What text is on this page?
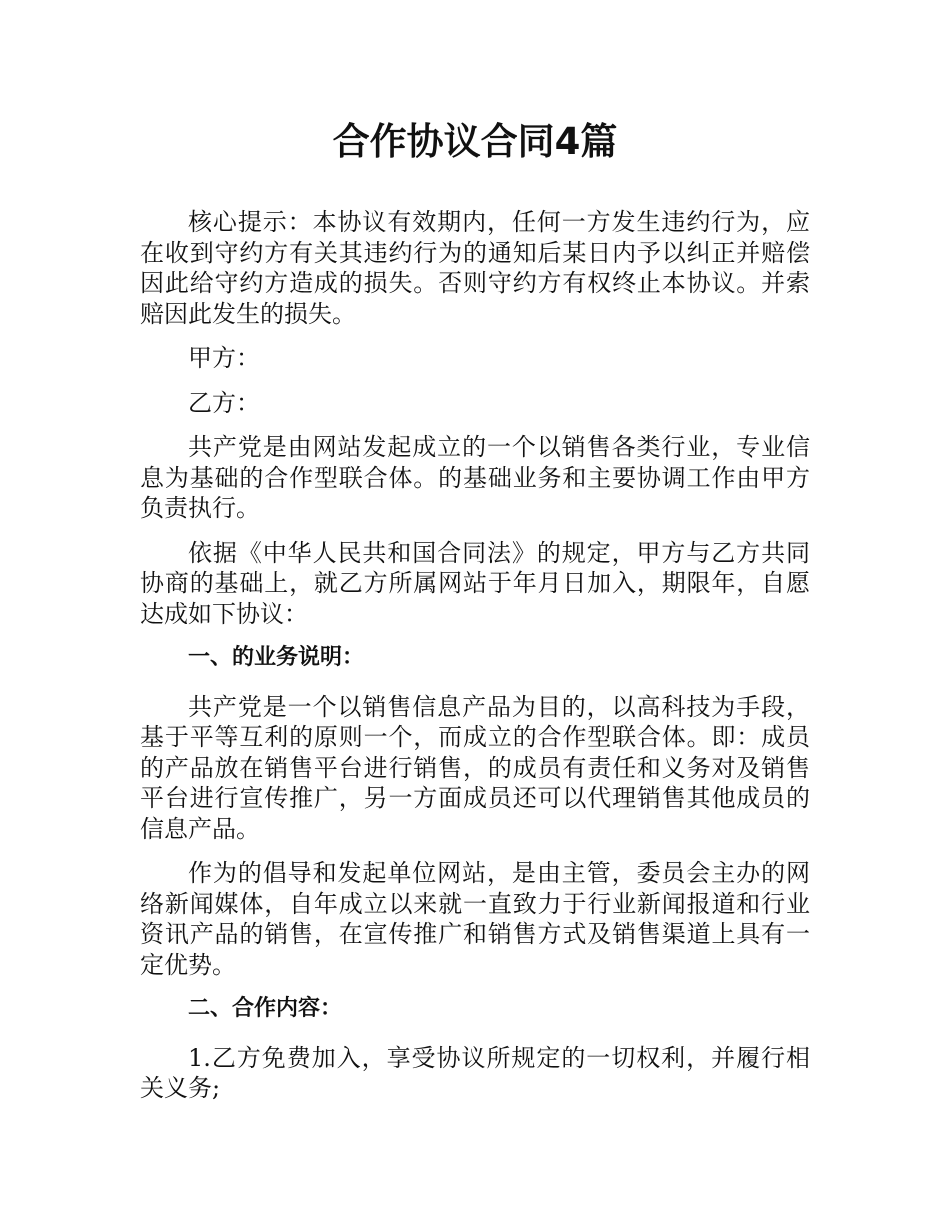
合作协议合同4篇

核心提示：本协议有效期内，任何一方发生违约行为，应在收到守约方有关其违约行为的通知后某日内予以纠正并赔偿因此给守约方造成的损失。否则守约方有权终止本协议。并索赔因此发生的损失。

甲方：

乙方：

共产党是由网站发起成立的一个以销售各类行业，专业信息为基础的合作型联合体。的基础业务和主要协调工作由甲方负责执行。

依据《中华人民共和国合同法》的规定，甲方与乙方共同协商的基础上，就乙方所属网站于年月日加入，期限年，自愿达成如下协议：

一、的业务说明：

共产党是一个以销售信息产品为目的，以高科技为手段，基于平等互利的原则一个，而成立的合作型联合体。即：成员的产品放在销售平台进行销售，的成员有责任和义务对及销售平台进行宣传推广，另一方面成员还可以代理销售其他成员的信息产品。

作为的倡导和发起单位网站，是由主管，委员会主办的网络新闻媒体，自年成立以来就一直致力于行业新闻报道和行业资讯产品的销售，在宣传推广和销售方式及销售渠道上具有一定优势。

二、合作内容：

1.乙方免费加入，享受协议所规定的一切权利，并履行相关义务;
